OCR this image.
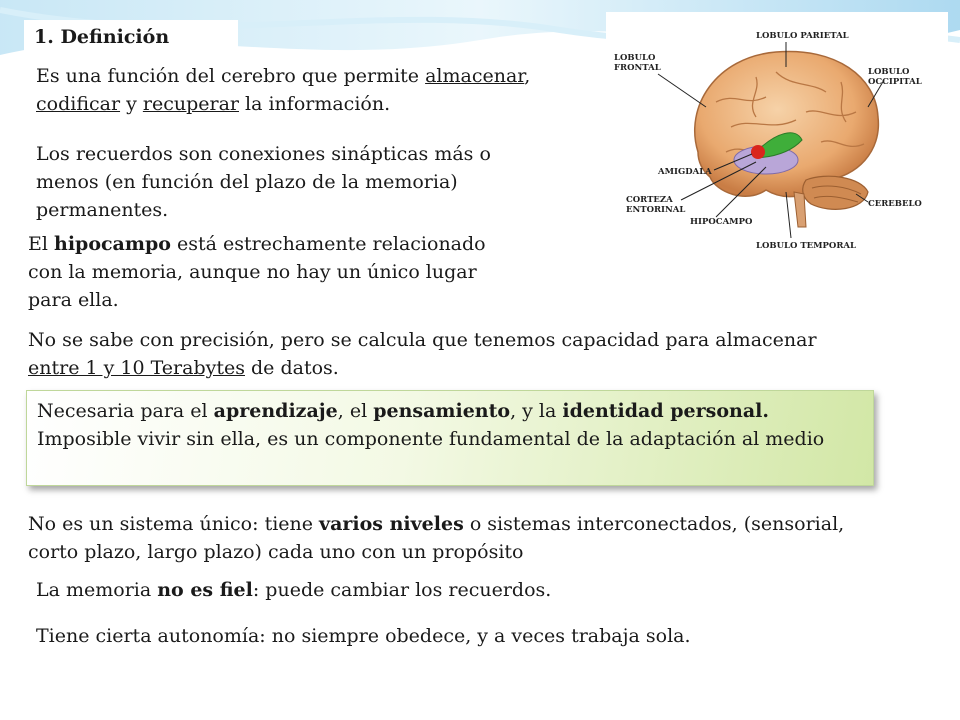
1. Definición
Es una función del cerebro que permite almacenar, codificar y recuperar la información.
Los recuerdos son conexiones sinápticas más o menos (en función del plazo de la memoria) permanentes.
El hipocampo está estrechamente relacionado con la memoria, aunque no hay un único lugar para ella.
No se sabe con precisión, pero se calcula que tenemos capacidad para almacenar entre 1 y 10 Terabytes de datos.
Necesaria para el aprendizaje, el pensamiento, y la identidad personal. Imposible vivir sin ella, es un componente fundamental de la adaptación al medio
No es un sistema único: tiene varios niveles o sistemas interconectados, (sensorial, corto plazo, largo plazo) cada uno con un propósito
La memoria no es fiel: puede cambiar los recuerdos.
Tiene cierta autonomía: no siempre obedece, y a veces trabaja sola.
LOBULO PARIETAL
LOBULO
FRONTAL	LOBULO
OCCIPITAL
AMIGDALA
CORTEZA
ENTORINAL
HIPOCAMPO
CEREBELO
LOBULO TEMPORAL
